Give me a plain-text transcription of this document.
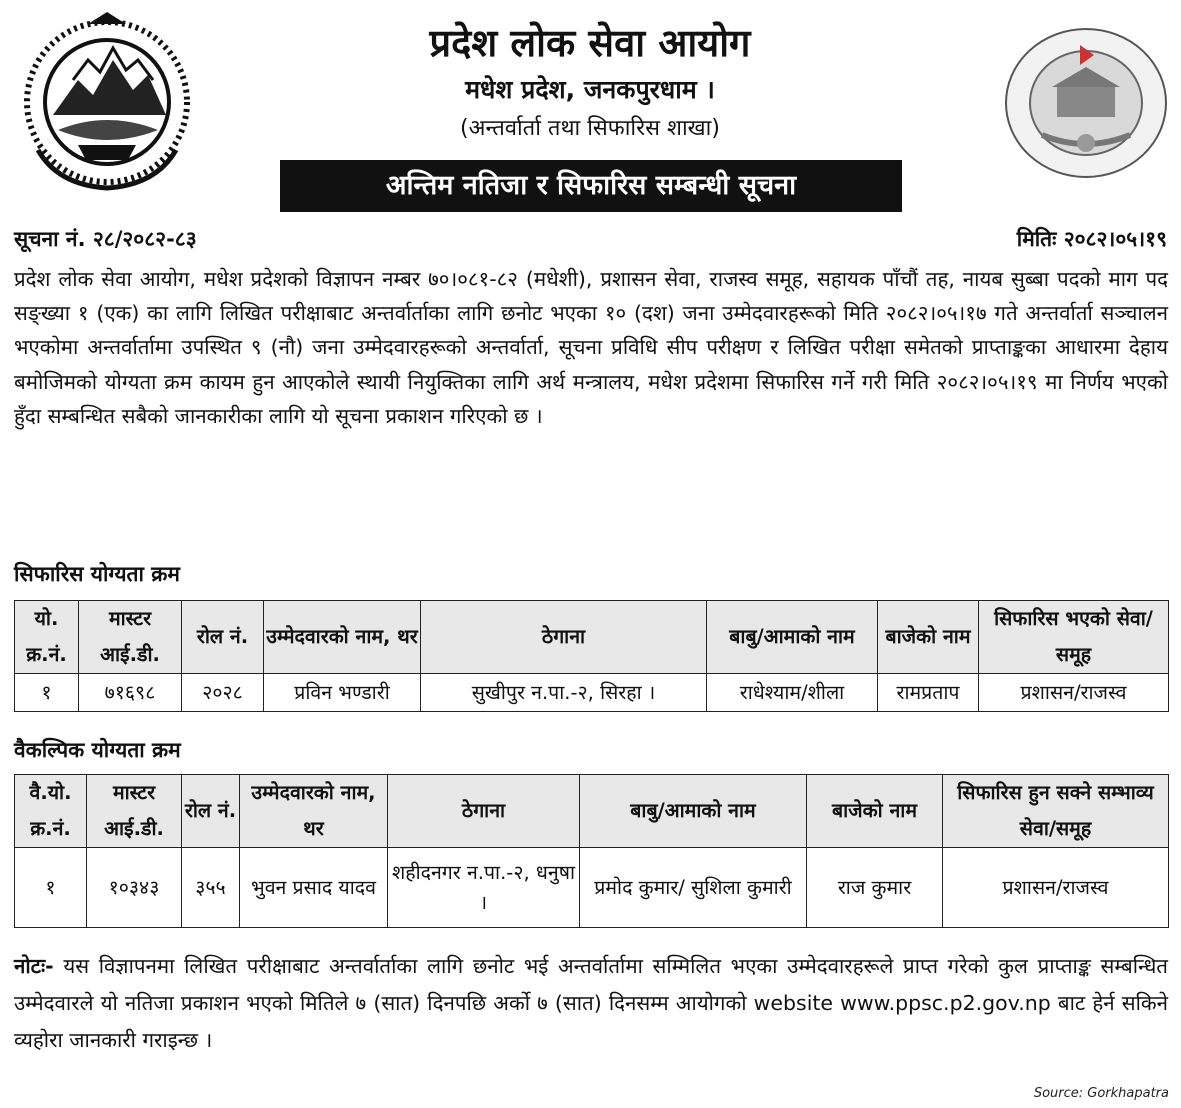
प्रदेश लोक सेवा आयोग
मधेश प्रदेश, जनकपुरधाम ।
(अन्तर्वार्ता तथा सिफारिस शाखा)
अन्तिम नतिजा र सिफारिस सम्बन्धी सूचना
सूचना नं. २८/२०८२-८३	मितिः २०८२।०५।१९
प्रदेश लोक सेवा आयोग, मधेश प्रदेशको विज्ञापन नम्बर ७०।०८१-८२ (मधेशी), प्रशासन सेवा, राजस्व समूह, सहायक पाँचौं तह, नायब सुब्बा पदको माग पद सङ्ख्या १ (एक) का लागि लिखित परीक्षाबाट अन्तर्वार्ताका लागि छनोट भएका १० (दश) जना उम्मेदवारहरूको मिति २०८२।०५।१७ गते अन्तर्वार्ता सञ्चालन भएकोमा अन्तर्वार्तामा उपस्थित ९ (नौ) जना उम्मेदवारहरूको अन्तर्वार्ता, सूचना प्रविधि सीप परीक्षण र लिखित परीक्षा समेतको प्राप्ताङ्कका आधारमा देहाय बमोजिमको योग्यता क्रम कायम हुन आएकोले स्थायी नियुक्तिका लागि अर्थ मन्त्रालय, मधेश प्रदेशमा सिफारिस गर्ने गरी मिति २०८२।०५।१९ मा निर्णय भएको हुँदा सम्बन्धित सबैको जानकारीका लागि यो सूचना प्रकाशन गरिएको छ ।
सिफारिस योग्यता क्रम
यो. क्र.नं.	मास्टर आई.डी.	रोल नं.	उम्मेदवारको नाम, थर	ठेगाना	बाबु/आमाको नाम	बाजेको नाम	सिफारिस भएको सेवा/समूह
१	७१६९८	२०२८	प्रविन भण्डारी	सुखीपुर न.पा.-२, सिरहा ।	राधेश्याम/शीला	रामप्रताप	प्रशासन/राजस्व
वैकल्पिक योग्यता क्रम
वै.यो. क्र.नं.	मास्टर आई.डी.	रोल नं.	उम्मेदवारको नाम, थर	ठेगाना	बाबु/आमाको नाम	बाजेको नाम	सिफारिस हुन सक्ने सम्भाव्य सेवा/समूह
१	१०३४३	३५५	भुवन प्रसाद यादव	शहीदनगर न.पा.-२, धनुषा ।	प्रमोद कुमार/ सुशिला कुमारी	राज कुमार	प्रशासन/राजस्व
नोटः- यस विज्ञापनमा लिखित परीक्षाबाट अन्तर्वार्ताका लागि छनोट भई अन्तर्वार्तामा सम्मिलित भएका उम्मेदवारहरूले प्राप्त गरेको कुल प्राप्ताङ्क सम्बन्धित उम्मेदवारले यो नतिजा प्रकाशन भएको मितिले ७ (सात) दिनपछि अर्को ७ (सात) दिनसम्म आयोगको website www.ppsc.p2.gov.np बाट हेर्न सकिने व्यहोरा जानकारी गराइन्छ ।
Source: Gorkhapatra
